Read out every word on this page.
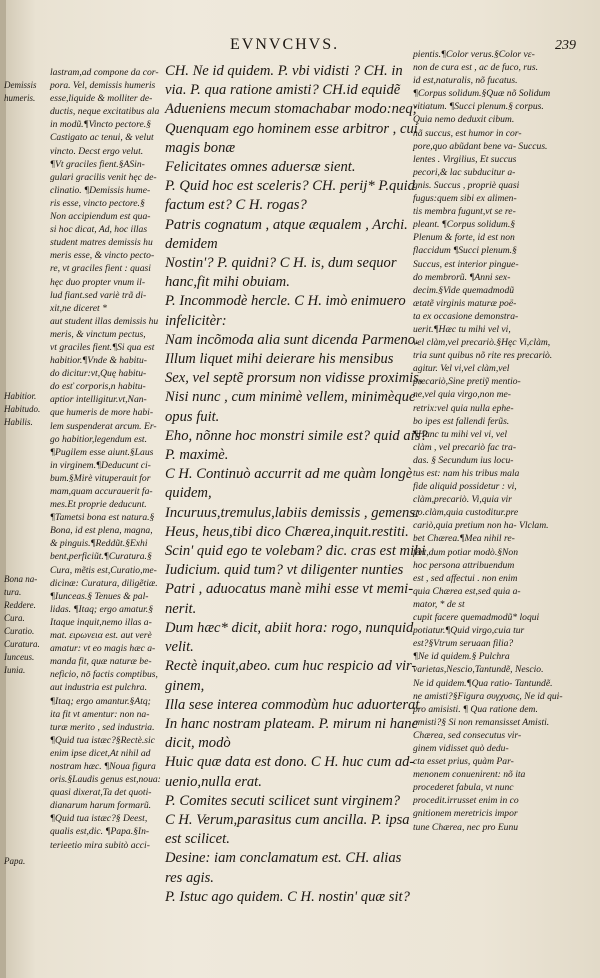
EVNVCHVS.	239
Demissis
humeris.
Habitior.
Habitudo.
Habilis.
Bona na-
tura.
Reddere.
Cura.
Curatio.
Curatura.
Iunceus.
Iunia.
Papa.
lastram,ad compone da cor-
pora. Vel, demissis humeris
esse,liquide & molliter de-
ductis, neque excitatibus ala
in modũ.¶Vincto pectore.§
Castigato ac tenui, & velut
vincto. Decst ergo velut.
¶Vt graciles fient.§ASin-
gulari gracilis venit hęc de-
clinatio. ¶Demissis hume-
ris esse, vincto pectore.§
Non accipiendum est qua-
si hoc dicat, Ad, hoc illas
student matres demissis hu
meris esse, & vincto pecto-
re, vt graciles fient : quasi
hęc duo propter vnum il-
lud fiant.sed variè trã di-
xit,ne diceret *
aut student illas demissis hu
meris, & vinctum pectus,
vt graciles fient.¶Si qua est
habitior.¶Vnde & habitu-
do dicitur:vt,Quę habitu-
do esť corporis,n habitu-
aptior intelligitur.vt,Nan-
que humeris de more habi-
lem suspenderat arcum. Er-
go habitior,legendum est.
¶Pugilem esse aiunt.§Laus
in virginem.¶Deducunt ci-
bum.§Mirè vituperauit for
mam,quam accurauerit fa-
mes.Et proprie deducunt.
¶Tametsi bona est natura.§
Bona, id est plena, magna,
& pinguis.¶Reddũt.§Exhi
bent,perficiũt.¶Curatura.§
Cura, mẽtis est,Curatio,me-
dicinæ: Curatura, diligẽtiæ.
¶Iunceas.§ Tenues & pal-
lidas. ¶Itaq; ergo amatur.§
Itaque inquit,nemo illas a-
mat. ειρωνεια est. aut verè
amatur: vt eo magis hæc a-
manda fit, quæ naturæ be-
neficio, nō factis comptibus,
aut industria est pulchra.
¶Itaq; ergo amantur.§Atq;
ita fit vt amentur: non na-
turæ merito , sed industria.
¶Quid tua istæc?§Rectè.sic
enim ipse dicet,At nihil ad
nostram hæc. ¶Noua figura
oris.§Laudis genus est,noua:
quasi dixerat,Ta det quoti-
dianarum harum formarũ.
¶Quid tua istæc?§ Deest,
qualis est,dic. ¶Papa.§In-
terieetio mira subitò acci-
CH. Ne id quidem. P. vbi vidisti ? CH. in
via. P. qua ratione amisti? CH.id equidẽ
Adueniens mecum stomachabar modo:neq;
Quenquam ego hominem esse arbitror , cui
magis bonæ
Felicitates omnes aduersæ sient.
P. Quid hoc est sceleris? CH. perij* P.quid
factum est? C H. rogas?
Patris cognatum , atque æqualem , Archi.
demidem
Nostin'? P. quidni? C H. is, dum sequor
hanc,fit mihi obuiam.
P. Incommodè hercle. C H. imò enimuero
infelicitèr:
Nam incõmoda alia sunt dicenda Parmeno.
Illum liquet mihi deierare his mensibus
Sex, vel septẽ prorsum non vidisse proximis,
Nisi nunc , cum minimè vellem, minimèque
opus fuit.
Eho, nõnne hoc monstri simile est? quid ais?
P. maximè.
C H. Continuò accurrit ad me quàm longè
quidem,
Incuruus,tremulus,labiis demissis , gemens:
Heus, heus,tibi dico Chærea,inquit.restiti.
Scin' quid ego te volebam? dic. cras est mihi
Iudicium. quid tum? vt diligenter nunties
Patri , aduocatus manè mihi esse vt memi-
nerit.
Dum hæc* dicit, abiit hora: rogo, nunquid
velit.
Rectè inquit,abeo. cum huc respicio ad vir-
ginem,
Illa sese interea commodùm huc aduorterat
In hanc nostram plateam. P. mirum ni hanc
dicit, modò
Huic quæ data est dono. C H. huc cum ad-
uenio,nulla erat.
P. Comites secuti scilicet sunt virginem?
C H. Verum,parasitus cum ancilla. P. ipsa
est scilicet.
Desine: iam conclamatum est. CH. alias
res agis.
P. Istuc ago quidem. C H. nostin' quæ sit?
pientis.¶Color verus.§Color vε-
non de cura est , ac de fuco, rus.
id est,naturalis, nõ fucatus.
¶Corpus solidum.§Quæ nõ Solidum
vitiatum. ¶Succi plenum.§ corpus.
Quia nemo deduxit cibum.
nã succus, est humor in cor-
pore,quo abũdant bene va- Succus.
lentes . Virgilius, Et succus
pecori,& lac subducitur a-
gnis. Succus , propriè quasi
fugus:quem sibi ex alimen-
tis membra fugunt,vt se re-
pleant. ¶Corpus solidum.§
Plenum & forte, id est non
flaccidum ¶Succi plenum.§
Succus, est interior pingue-
do membrorũ. ¶Anni sex-
decim.§Vide quemadmodũ
ætatẽ virginis maturæ poё-
ta ex occasione demonstra-
uerit.¶Hæc tu mihi vel vi,
vel clàm,vel precariò.§Hęc Vi,clàm,
tria sunt quibus nõ rite res precariò.
agitur. Vel vi,vel clàm,vel
precariò,Sine pretiỹ mentio-
ne,vel quia virgo,non me-
retrix:vel quia nulla ephe-
bo ipes est fallendi ferũs.
¶Hanc tu mihi vel vi, vel
clàm , vel precariò fac tra-
das. § Secundum ius locu-
tus est: nam his tribus mala
fide aliquid possidetur : vi,
clàm,precariò. Vi,quia vir
go.clàm,quia custoditur.pre
cariò,quia pretium non ha- Vlclam.
bet Chærea.¶Mea nihil re-
fert,dum potiar modò.§Non
hoc persona attribuendum
est , sed affectui . non enim
quia Chærea est,sed quia a-
mator, * de st
cupit facere quemadmodũ* loqui
potiatur.¶Quid virgo,cuia tur
est?§Vtrum seruaan filia?
¶Ne id quidem.§ Pulchra
varietas,Nescio,Tantundẽ, Nescio.
Ne id quidem.¶Qua ratio- Tantundẽ.
ne amisti?§Figura συγχυσις, Ne id qui-
pro amisisti. ¶ Qua ratione dem.
amisti?§ Si non remansisset Amisti.
Chærea, sed consecutus vir-
ginem vidisset quò dedu-
cta esset prius, quàm Par-
menonem conuenirent: nõ ita
procederet fabula, vt nunc
procedit.irrusset enim in co
gnitionem meretricis impor
tune Chærea, nec pro Eunu
